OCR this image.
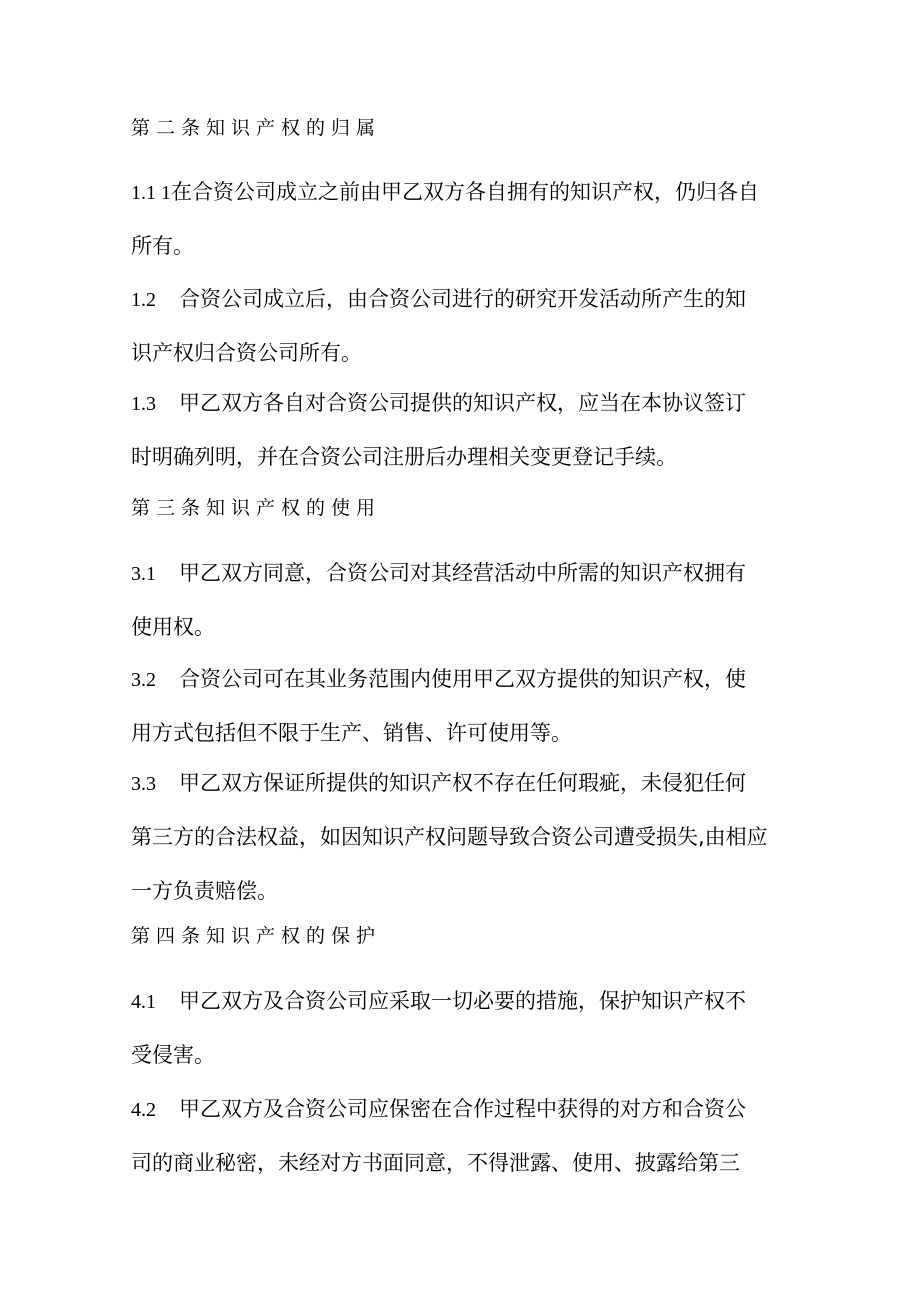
第二条知识产权的归属
1.1 1在合资公司成立之前由甲乙双方各自拥有的知识产权，仍归各自
所有。
1.2 合资公司成立后，由合资公司进行的研究开发活动所产生的知
识产权归合资公司所有。
1.3 甲乙双方各自对合资公司提供的知识产权，应当在本协议签订
时明确列明，并在合资公司注册后办理相关变更登记手续。
第三条知识产权的使用
3.1 甲乙双方同意，合资公司对其经营活动中所需的知识产权拥有
使用权。
3.2 合资公司可在其业务范围内使用甲乙双方提供的知识产权，使
用方式包括但不限于生产、销售、许可使用等。
3.3 甲乙双方保证所提供的知识产权不存在任何瑕疵，未侵犯任何
第三方的合法权益，如因知识产权问题导致合资公司遭受损失,由相应
一方负责赔偿。
第四条知识产权的保护
4.1 甲乙双方及合资公司应采取一切必要的措施，保护知识产权不
受侵害。
4.2 甲乙双方及合资公司应保密在合作过程中获得的对方和合资公
司的商业秘密，未经对方书面同意，不得泄露、使用、披露给第三
